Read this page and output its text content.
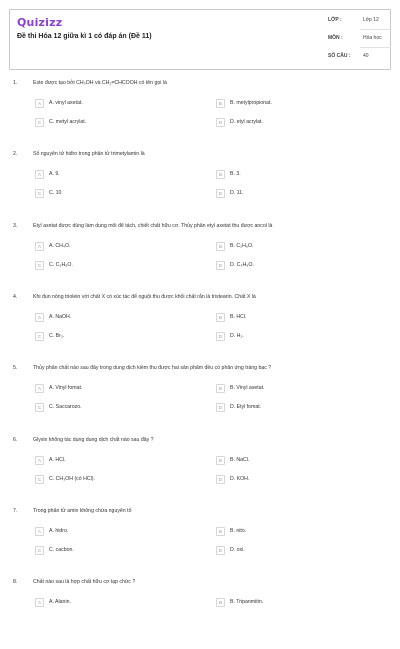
Quizizz
Đề thi Hóa 12 giữa kì 1 có đáp án (Đề 11)
LỚP :	Lớp 12
MÔN :	Hóa học
SỐ CÂU :	40
1.	Este được tạo bởi CH₃OH và CH₂=CHCOOH có tên gọi là
A	A. vinyl axetat.	B	B. metylpropionat.
C	C. metyl acrylat.	D	D. etyl acrylat.
2.	Số nguyên tử hiđro trong phân tử trimetylamin là
A	A. 9.	B	B. 3.
C	C. 10.	D	D. 11.
3.	Etyl axetat được dùng làm dung môi để tách, chiết chất hữu cơ. Thủy phân etyl axetat thu được ancol là
A	A. CH₄O.	B	B. C₂H₆O.
C	C. C₃H₈O.	D	D. C₃H₆O.
4.	Khi đun nóng triolein với chất X có xúc tác để nguội thu được khối chất rắn là tristearin. Chất X là
A	A. NaOH.	B	B. HCl.
C	C. Br₂.	D	D. H₂.
5.	Thủy phân chất nào sau đây trong dung dịch kiềm thu được hai sản phẩm đều có phản ứng tráng bạc ?
A	A. Vinyl fomat.	B	B. Vinyl axetat.
C	C. Saccarozo.	D	D. Etyl fomat.
6.	Glyxin không tác dụng dung dịch chất nào sau đây ?
A	A. HCl.	B	B. NaCl.
C	C. CH₃OH (có HCl).	D	D. KOH.
7.	Trong phân tử amin không chứa nguyên tố
A	A. hidro.	B	B. nito.
C	C. cacbon.	D	D. oxi.
8.	Chất nào sau là hợp chất hữu cơ tạp chức ?
A	A. Alanin.	B	B. Tripanmitin.
